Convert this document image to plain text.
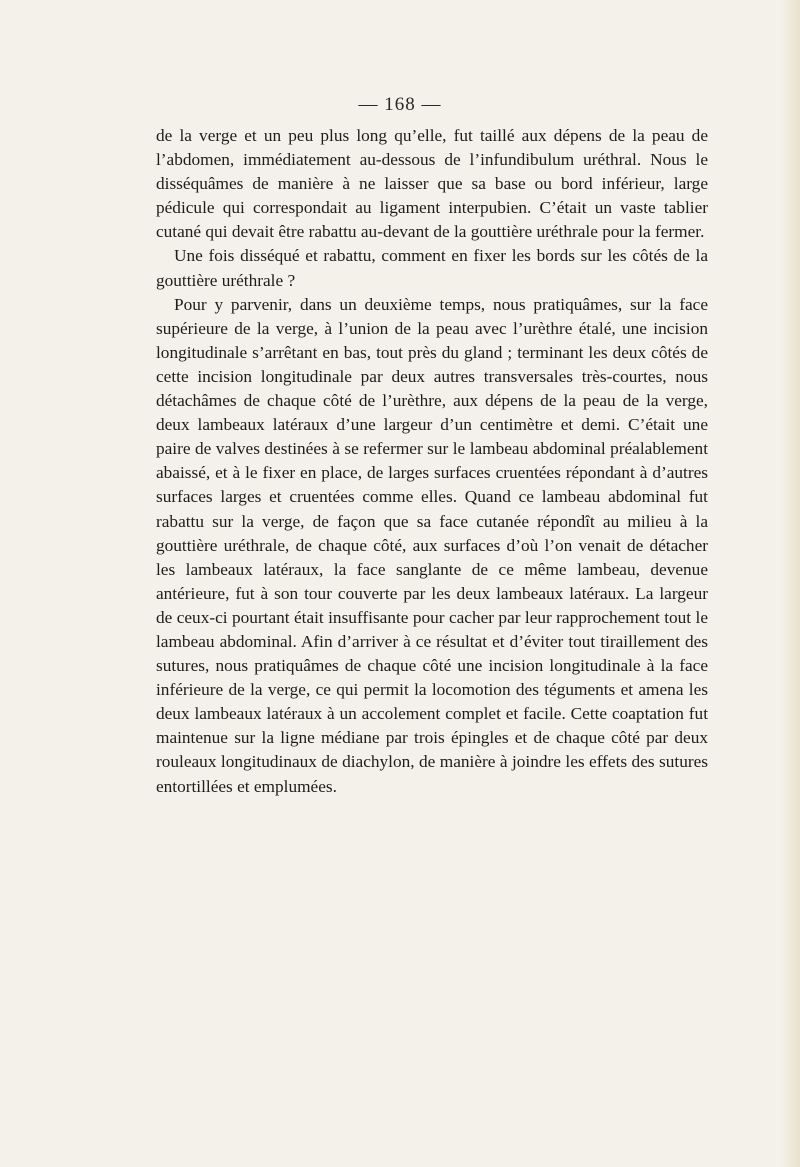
— 168 —

de la verge et un peu plus long qu’elle, fut taillé aux dépens de la peau de l’abdomen, immédiatement au-dessous de l’infundibulum uréthral. Nous le disséquâmes de manière à ne laisser que sa base ou bord inférieur, large pédicule qui correspondait au ligament interpubien. C’était un vaste tablier cutané qui devait être rabattu au-devant de la gouttière uréthrale pour la fermer.

Une fois disséqué et rabattu, comment en fixer les bords sur les côtés de la gouttière uréthrale ?

Pour y parvenir, dans un deuxième temps, nous pratiquâmes, sur la face supérieure de la verge, à l’union de la peau avec l’urèthre étalé, une incision longitudinale s’arrêtant en bas, tout près du gland ; terminant les deux côtés de cette incision longitudinale par deux autres transversales très-courtes, nous détachâmes de chaque côté de l’urèthre, aux dépens de la peau de la verge, deux lambeaux latéraux d’une largeur d’un centimètre et demi. C’était une paire de valves destinées à se refermer sur le lambeau abdominal préalablement abaissé, et à le fixer en place, de larges surfaces cruentées répondant à d’autres surfaces larges et cruentées comme elles. Quand ce lambeau abdominal fut rabattu sur la verge, de façon que sa face cutanée répondît au milieu à la gouttière uréthrale, de chaque côté, aux surfaces d’où l’on venait de détacher les lambeaux latéraux, la face sanglante de ce même lambeau, devenue antérieure, fut à son tour couverte par les deux lambeaux latéraux. La largeur de ceux-ci pourtant était insuffisante pour cacher par leur rapprochement tout le lambeau abdominal. Afin d’arriver à ce résultat et d’éviter tout tiraillement des sutures, nous pratiquâmes de chaque côté une incision longitudinale à la face inférieure de la verge, ce qui permit la locomotion des téguments et amena les deux lambeaux latéraux à un accolement complet et facile. Cette coaptation fut maintenue sur la ligne médiane par trois épingles et de chaque côté par deux rouleaux longitudinaux de diachylon, de manière à joindre les effets des sutures entortillées et emplumées.
